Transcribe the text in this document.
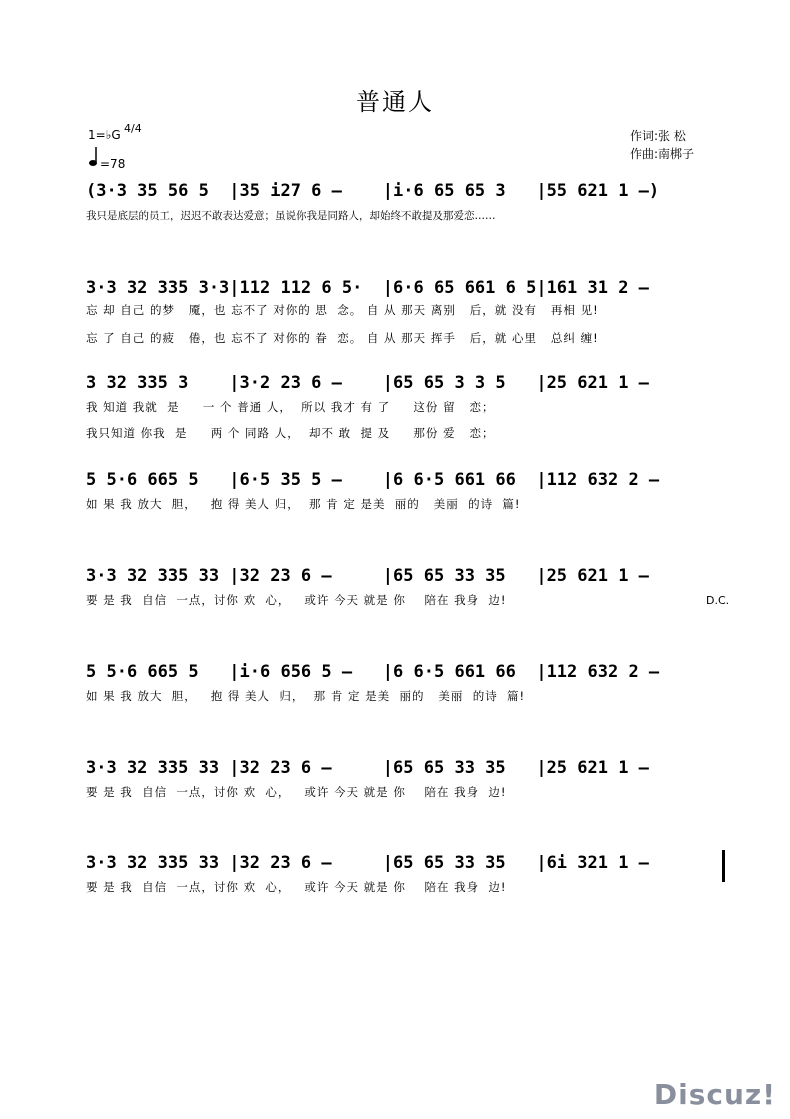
普通人
1=♭G 4/4
=78
作词:张 松
作曲:南梆子
(3·3 35 56 5  |35 i27 6 –    |i·6 65 65 3   |55 621 1 –)
我只是底层的员工，迟迟不敢表达爱意；虽说你我是同路人，却始终不敢提及那爱恋……
3·3 32 335 3·3|112 112 6 5·  |6·6 65 661 6 5|161 31 2 –
忘 却 自己 的梦   魇，也 忘不了 对你的 思  念。 自 从 那天 离别   后，就 没有   再相 见!
忘 了 自己 的疲   倦，也 忘不了 对你的 眷  恋。 自 从 那天 挥手   后，就 心里   总纠 缠!
3 32 335 3    |3·2 23 6 –    |65 65 3 3 5   |25 621 1 –
我 知道 我就  是     一 个 普通 人，  所以 我才 有 了     这份 留   恋；
我只知道 你我  是     两 个 同路 人，  却不 敢  提 及     那份 爱   恋；
5 5·6 665 5   |6·5 35 5 –    |6 6·5 661 66  |112 632 2 –
如 果 我 放大  胆，   抱 得 美人 归，  那 肯 定 是美  丽的   美丽  的诗  篇!
3·3 32 335 33 |32 23 6 –     |65 65 33 35   |25 621 1 –
要 是 我  自信  一点，讨你 欢  心，   或许 今天 就是 你    陪在 我身  边!	D.C.
5 5·6 665 5   |i·6 656 5 –   |6 6·5 661 66  |112 632 2 –
如 果 我 放大  胆，   抱 得 美人  归，  那 肯 定 是美  丽的   美丽  的诗  篇!
3·3 32 335 33 |32 23 6 –     |65 65 33 35   |25 621 1 –
要 是 我  自信  一点，讨你 欢  心，   或许 今天 就是 你    陪在 我身  边!
3·3 32 335 33 |32 23 6 –     |65 65 33 35   |6i 321 1 –
要 是 我  自信  一点，讨你 欢  心，   或许 今天 就是 你    陪在 我身  边!
Discuz!
